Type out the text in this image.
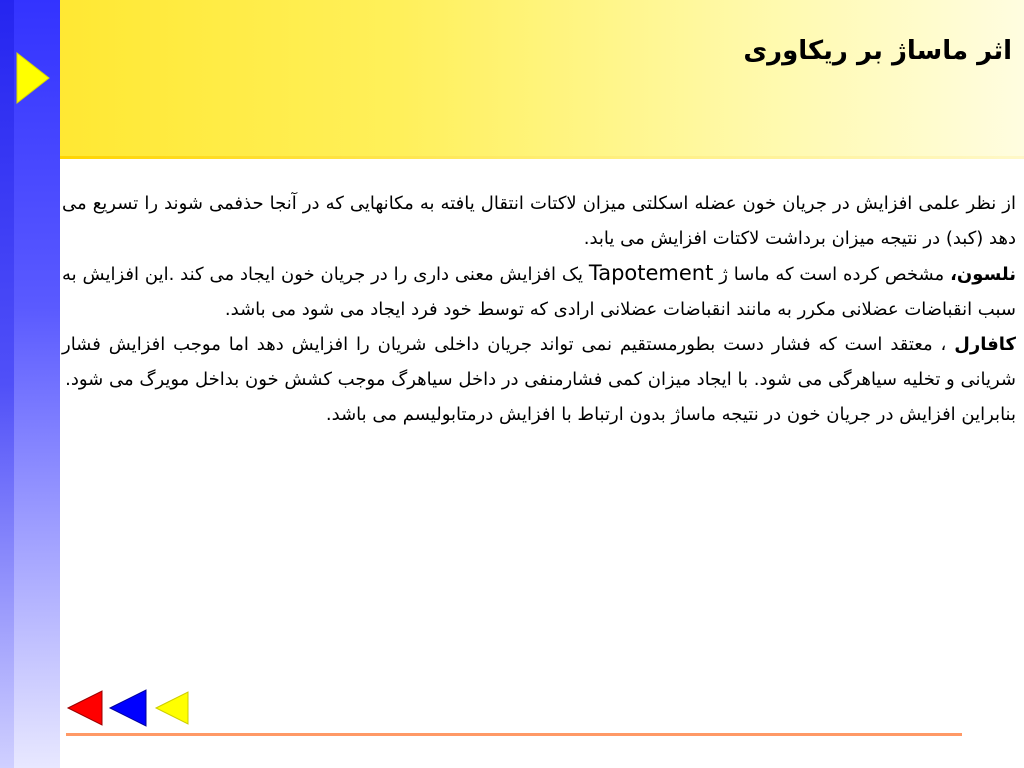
اثر ماساژ بر ریکاوری

از نظر علمی افزایش در جریان خون عضله اسکلتی میزان لاکتات انتقال یافته به مکانهایی که در آنجا حذفمی شوند را تسریع می دهد (کبد) در نتیجه میزان برداشت لاکتات افزایش می یابد.

نلسون، مشخص کرده است که ماسا ژ Tapotement یک افزایش معنی داری را در جریان خون ایجاد می کند .این افزایش به سبب انقباضات عضلانی مکرر به مانند انقباضات عضلانی ارادی که توسط خود فرد ایجاد می شود می باشد.

کافارل ، معتقد است که فشار دست بطورمستقیم نمی تواند جریان داخلی شریان را افزایش دهد اما موجب افزایش فشار شریانی و تخلیه سیاهرگی می شود. با ایجاد میزان کمی فشارمنفی در داخل سیاهرگ موجب کشش خون بداخل مویرگ می شود.

بنابراین افزایش در جریان خون در نتیجه ماساژ بدون ارتباط با افزایش درمتابولیسم می باشد.
